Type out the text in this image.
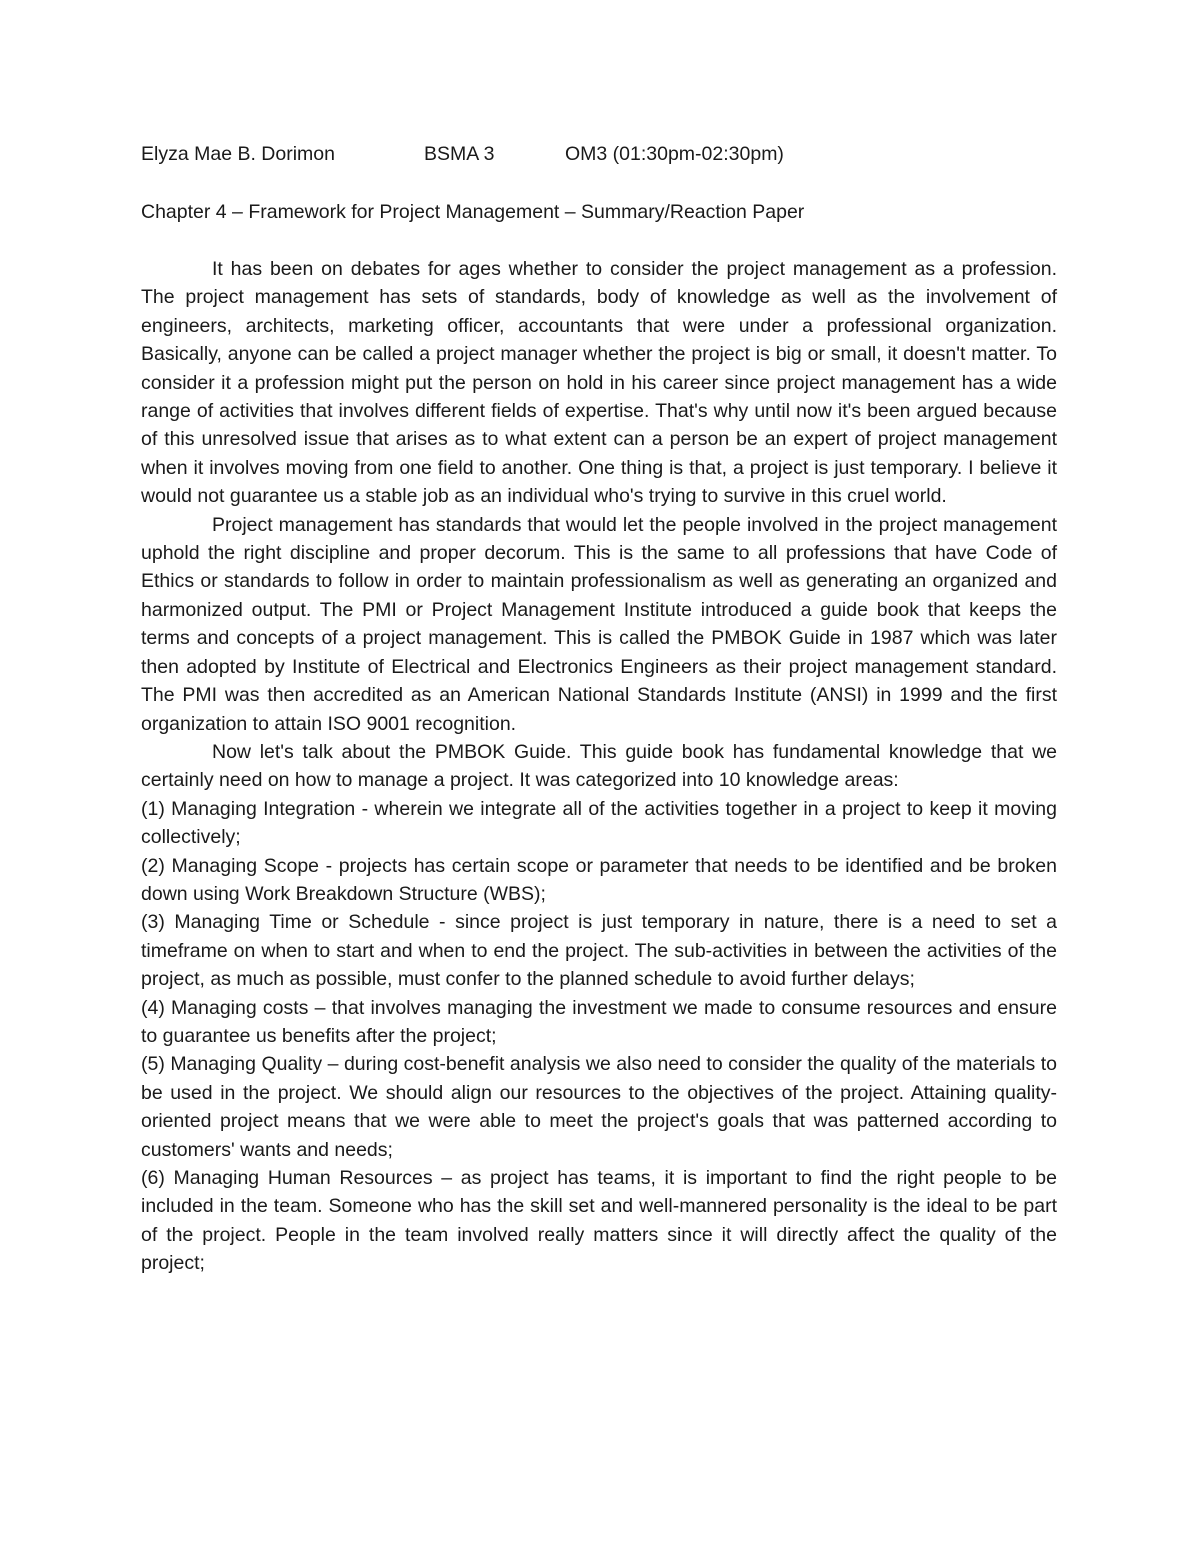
Elyza Mae B. Dorimon	BSMA 3	OM3 (01:30pm-02:30pm)
Chapter 4 – Framework for Project Management – Summary/Reaction Paper

It has been on debates for ages whether to consider the project management as a profession. The project management has sets of standards, body of knowledge as well as the involvement of engineers, architects, marketing officer, accountants that were under a professional organization. Basically, anyone can be called a project manager whether the project is big or small, it doesn't matter. To consider it a profession might put the person on hold in his career since project management has a wide range of activities that involves different fields of expertise. That's why until now it's been argued because of this unresolved issue that arises as to what extent can a person be an expert of project management when it involves moving from one field to another. One thing is that, a project is just temporary. I believe it would not guarantee us a stable job as an individual who's trying to survive in this cruel world.

Project management has standards that would let the people involved in the project management uphold the right discipline and proper decorum. This is the same to all professions that have Code of Ethics or standards to follow in order to maintain professionalism as well as generating an organized and harmonized output. The PMI or Project Management Institute introduced a guide book that keeps the terms and concepts of a project management. This is called the PMBOK Guide in 1987 which was later then adopted by Institute of Electrical and Electronics Engineers as their project management standard. The PMI was then accredited as an American National Standards Institute (ANSI) in 1999 and the first organization to attain ISO 9001 recognition.

Now let's talk about the PMBOK Guide. This guide book has fundamental knowledge that we certainly need on how to manage a project. It was categorized into 10 knowledge areas:

(1) Managing Integration - wherein we integrate all of the activities together in a project to keep it moving collectively;

(2) Managing Scope - projects has certain scope or parameter that needs to be identified and be broken down using Work Breakdown Structure (WBS);

(3) Managing Time or Schedule - since project is just temporary in nature, there is a need to set a timeframe on when to start and when to end the project. The sub-activities in between the activities of the project, as much as possible, must confer to the planned schedule to avoid further delays;

(4) Managing costs – that involves managing the investment we made to consume resources and ensure to guarantee us benefits after the project;

(5) Managing Quality – during cost-benefit analysis we also need to consider the quality of the materials to be used in the project. We should align our resources to the objectives of the project. Attaining quality-oriented project means that we were able to meet the project's goals that was patterned according to customers' wants and needs;

(6) Managing Human Resources – as project has teams, it is important to find the right people to be included in the team. Someone who has the skill set and well-mannered personality is the ideal to be part of the project. People in the team involved really matters since it will directly affect the quality of the project;
